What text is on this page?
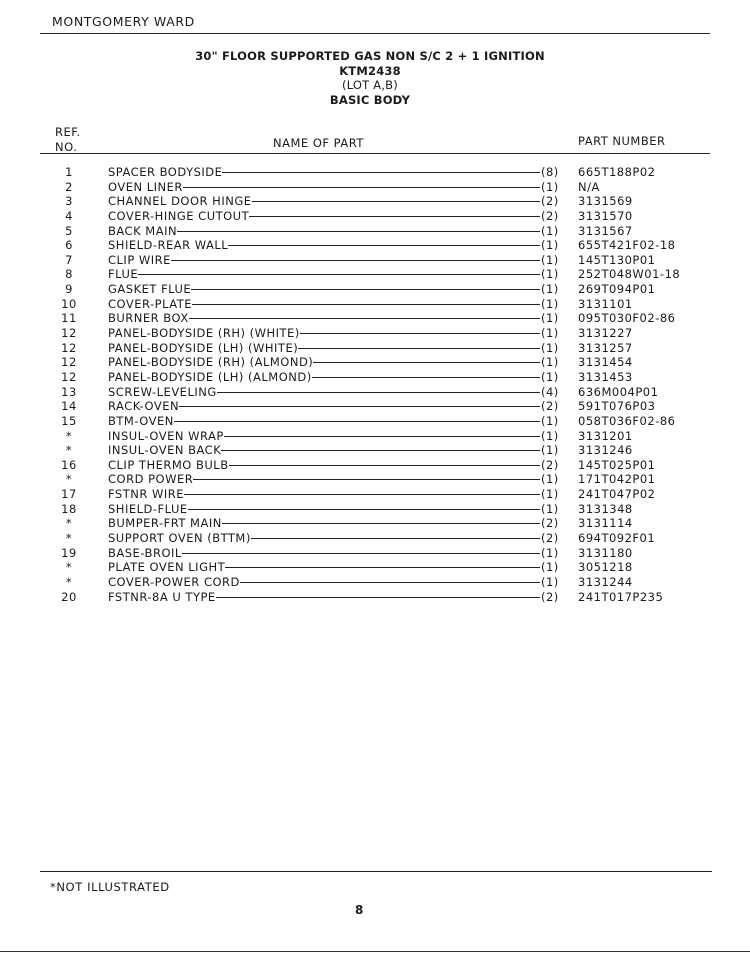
MONTGOMERY WARD
30" FLOOR SUPPORTED GAS NON S/C 2 + 1 IGNITION
KTM2438
(LOT A,B)
BASIC BODY
REF.
NO.	NAME OF PART	PART NUMBER
1	SPACER BODYSIDE	(8) 665T188P02
2	OVEN LINER	(1) N/A
3	CHANNEL DOOR HINGE	(2) 3131569
4	COVER-HINGE CUTOUT	(2) 3131570
5	BACK MAIN	(1) 3131567
6	SHIELD-REAR WALL	(1) 655T421F02-18
7	CLIP WIRE	(1) 145T130P01
8	FLUE	(1) 252T048W01-18
9	GASKET FLUE	(1) 269T094P01
10	COVER-PLATE	(1) 3131101
11	BURNER BOX	(1) 095T030F02-86
12	PANEL-BODYSIDE (RH) (WHITE)	(1) 3131227
12	PANEL-BODYSIDE (LH) (WHITE)	(1) 3131257
12	PANEL-BODYSIDE (RH) (ALMOND)	(1) 3131454
12	PANEL-BODYSIDE (LH) (ALMOND)	(1) 3131453
13	SCREW-LEVELING	(4) 636M004P01
14	RACK-OVEN	(2) 591T076P03
15	BTM-OVEN	(1) 058T036F02-86
*	INSUL-OVEN WRAP	(1) 3131201
*	INSUL-OVEN BACK	(1) 3131246
16	CLIP THERMO BULB	(2) 145T025P01
*	CORD POWER	(1) 171T042P01
17	FSTNR WIRE	(1) 241T047P02
18	SHIELD-FLUE	(1) 3131348
*	BUMPER-FRT MAIN	(2) 3131114
*	SUPPORT OVEN (BTTM)	(2) 694T092F01
19	BASE-BROIL	(1) 3131180
*	PLATE OVEN LIGHT	(1) 3051218
*	COVER-POWER CORD	(1) 3131244
20	FSTNR-8A U TYPE	(2) 241T017P235
*NOT ILLUSTRATED
8
